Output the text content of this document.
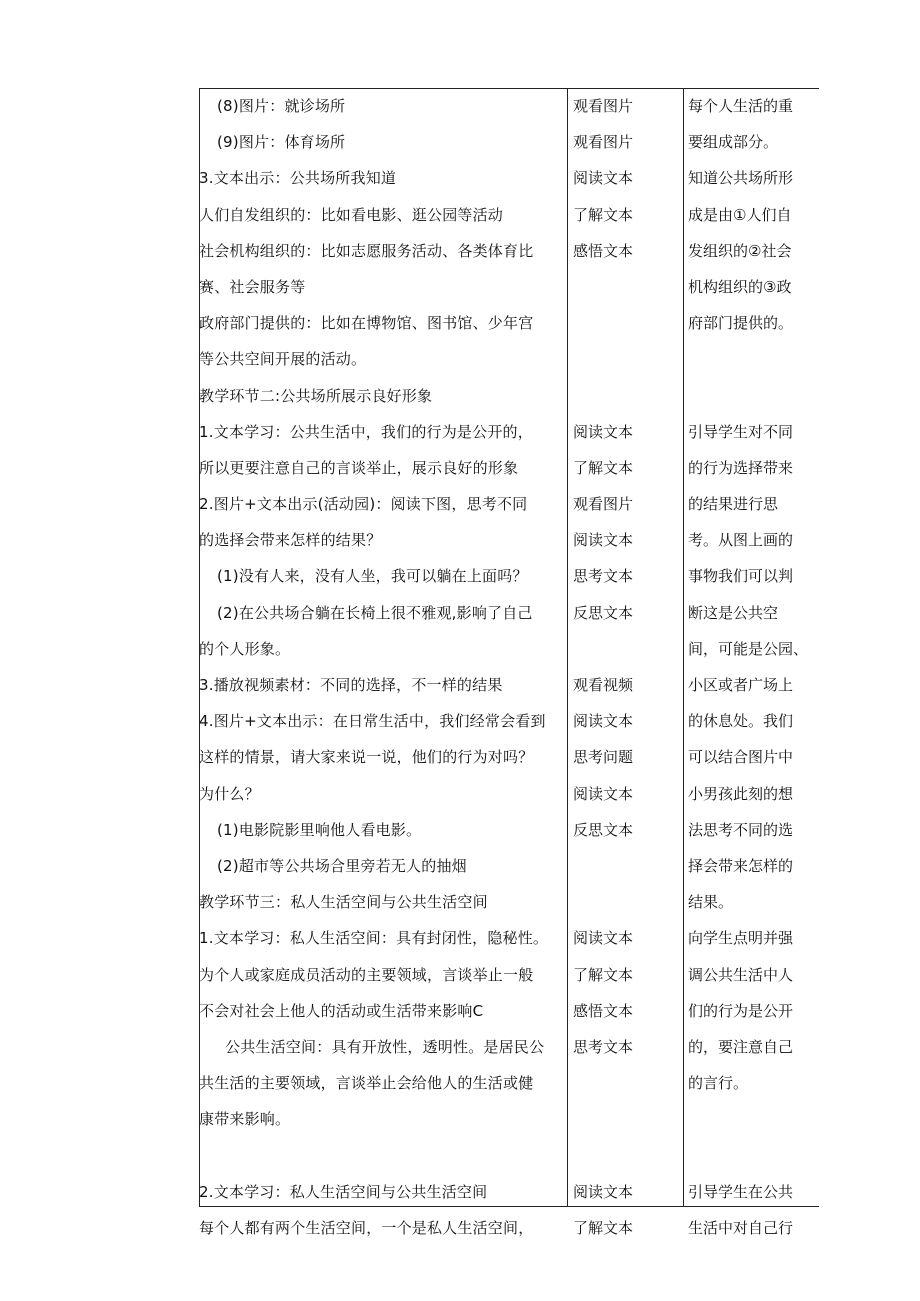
(8)图片：就诊场所
(9)图片：体育场所
3.文本出示：公共场所我知道
人们自发组织的：比如看电影、逛公园等活动
社会机构组织的：比如志愿服务活动、各类体育比
赛、社会服务等
政府部门提供的：比如在博物馆、图书馆、少年宫
等公共空间开展的活动。
教学环节二:公共场所展示良好形象
1.文本学习：公共生活中，我们的行为是公开的，
所以更要注意自己的言谈举止，展示良好的形象
2.图片+文本出示(活动园)：阅读下图，思考不同
的选择会带来怎样的结果？
(1)没有人来，没有人坐，我可以躺在上面吗？
(2)在公共场合躺在长椅上很不雅观,影响了自己
的个人形象。
3.播放视频素材：不同的选择，不一样的结果
4.图片+文本出示：在日常生活中，我们经常会看到
这样的情景，请大家来说一说，他们的行为对吗？
为什么？
(1)电影院影里响他人看电影。
(2)超市等公共场合里旁若无人的抽烟
教学环节三：私人生活空间与公共生活空间
1.文本学习：私人生活空间：具有封闭性，隐秘性。
为个人或家庭成员活动的主要领域，言谈举止一般
不会对社会上他人的活动或生活带来影响C
公共生活空间：具有开放性，透明性。是居民公
共生活的主要领域，言谈举止会给他人的生活或健
康带来影响。
2.文本学习：私人生活空间与公共生活空间
每个人都有两个生活空间，一个是私人生活空间，
观看图片
观看图片
阅读文本
了解文本
感悟文本
阅读文本
了解文本
观看图片
阅读文本
思考文本
反思文本
观看视频
阅读文本
思考问题
阅读文本
反思文本
阅读文本
了解文本
感悟文本
思考文本
阅读文本
了解文本
每个人生活的重
要组成部分。
知道公共场所形
成是由①人们自
发组织的②社会
机构组织的③政
府部门提供的。
引导学生对不同
的行为选择带来
的结果进行思
考。从图上画的
事物我们可以判
断这是公共空
间，可能是公园、
小区或者广场上
的休息处。我们
可以结合图片中
小男孩此刻的想
法思考不同的选
择会带来怎样的
结果。
向学生点明并强
调公共生活中人
们的行为是公开
的，要注意自己
的言行。
引导学生在公共
生活中对自己行
